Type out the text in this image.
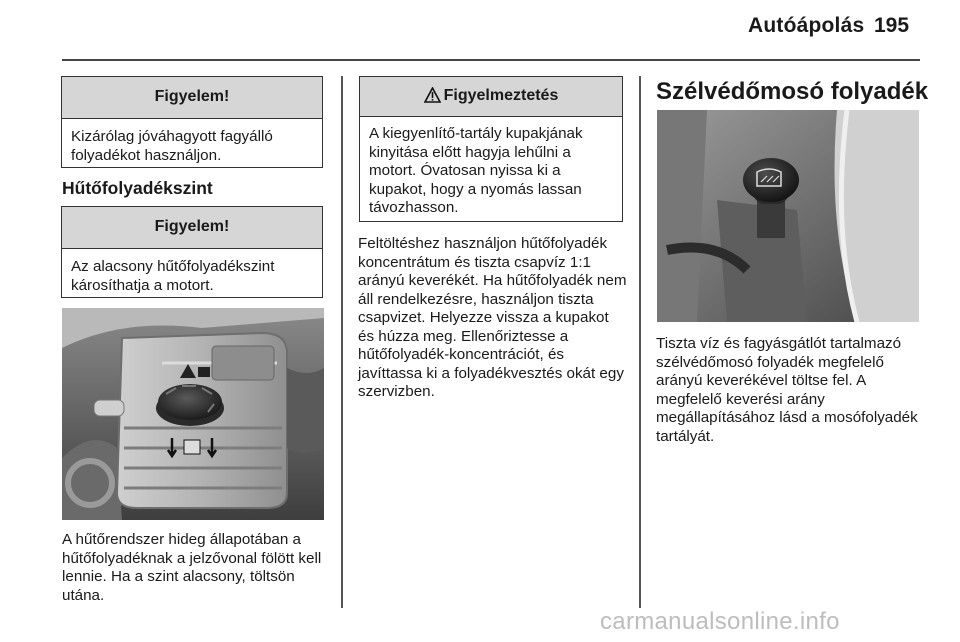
Autóápolás 195
Figyelem!
Kizárólag jóváhagyott fagyálló folyadékot használjon.
Hűtőfolyadékszint
Figyelem!
Az alacsony hűtőfolyadékszint károsíthatja a motort.
A hűtőrendszer hideg állapotában a hűtőfolyadéknak a jelzővonal fölött kell lennie. Ha a szint alacsony, töltsön utána.
Figyelmeztetés
A kiegyenlítő-tartály kupakjának kinyitása előtt hagyja lehűlni a motort. Óvatosan nyissa ki a kupakot, hogy a nyomás lassan távozhasson.
Feltöltéshez használjon hűtőfolyadék koncentrátum és tiszta csapvíz 1:1 arányú keverékét. Ha hűtőfolyadék nem áll rendelkezésre, használjon tiszta csapvizet. Helyezze vissza a kupakot és húzza meg. Ellenőriztesse a hűtőfolyadék-koncentrációt, és javíttassa ki a folyadékvesztés okát egy szervizben.
Szélvédőmosó folyadék
Tiszta víz és fagyásgátlót tartalmazó szélvédőmosó folyadék megfelelő arányú keverékével töltse fel. A megfelelő keverési arány megállapításához lásd a mosófolyadék tartályát.
carmanualsonline.info
